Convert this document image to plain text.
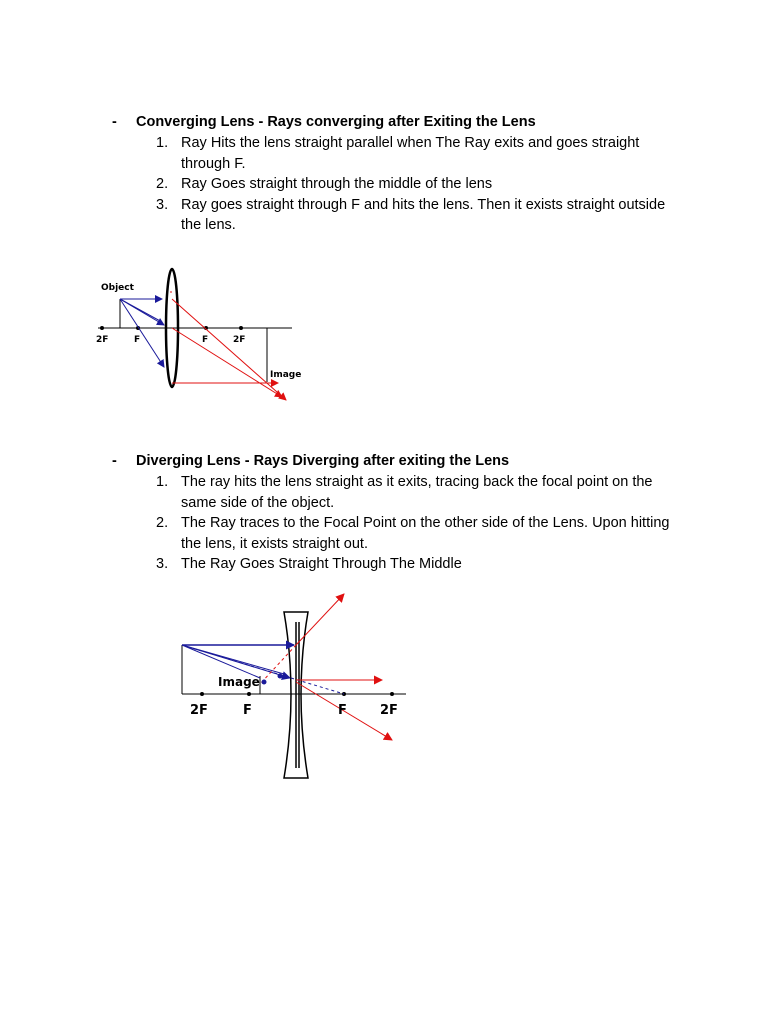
- Converging Lens - Rays converging after Exiting the Lens
1. Ray Hits the lens straight parallel when The Ray exits and goes straight through F.
2. Ray Goes straight through the middle of the lens
3. Ray goes straight through F and hits the lens. Then it exists straight outside the lens.
Object
Image
2F	F	F	2F
- Diverging Lens - Rays Diverging after exiting the Lens
1. The ray hits the lens straight as it exits, tracing back the focal point on the same side of the object.
2. The Ray traces to the Focal Point on the other side of the Lens. Upon hitting the lens, it exists straight out.
3. The Ray Goes Straight Through The Middle
Image
2F	F	F	2F
